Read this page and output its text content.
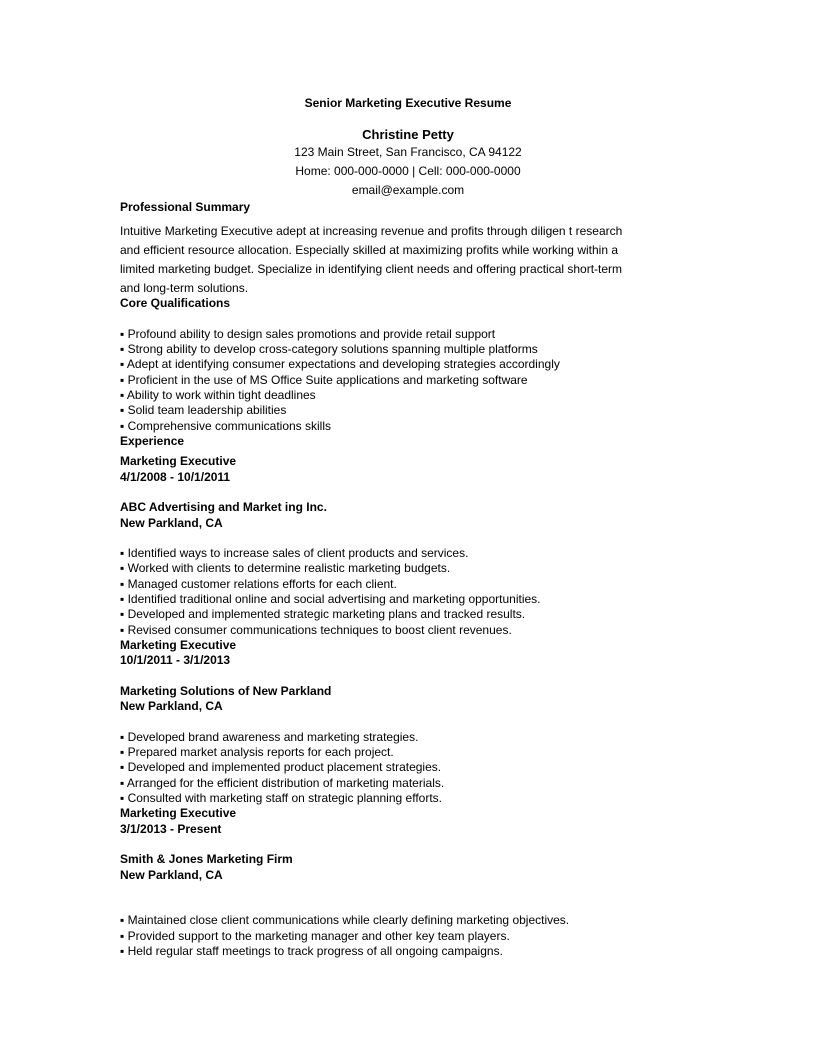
Senior Marketing Executive Resume
Christine Petty
123 Main Street, San Francisco, CA 94122
Home: 000-000-0000 | Cell: 000-000-0000
email@example.com
Professional Summary
Intuitive Marketing Executive adept at increasing revenue and profits through diligen t research
and efficient resource allocation. Especially skilled at maximizing profits while working within a
limited marketing budget. Specialize in identifying client needs and offering practical short-term
and long-term solutions.
Core Qualifications
▪ Profound ability to design sales promotions and provide retail support
▪ Strong ability to develop cross-category solutions spanning multiple platforms
▪ Adept at identifying consumer expectations and developing strategies accordingly
▪ Proficient in the use of MS Office Suite applications and marketing software
▪ Ability to work within tight deadlines
▪ Solid team leadership abilities
▪ Comprehensive communications skills
Experience
Marketing Executive
4/1/2008 - 10/1/2011
ABC Advertising and Market ing Inc.
New Parkland, CA
▪ Identified ways to increase sales of client products and services.
▪ Worked with clients to determine realistic marketing budgets.
▪ Managed customer relations efforts for each client.
▪ Identified traditional online and social advertising and marketing opportunities.
▪ Developed and implemented strategic marketing plans and tracked results.
▪ Revised consumer communications techniques to boost client revenues.
Marketing Executive
10/1/2011 - 3/1/2013
Marketing Solutions of New Parkland
New Parkland, CA
▪ Developed brand awareness and marketing strategies.
▪ Prepared market analysis reports for each project.
▪ Developed and implemented product placement strategies.
▪ Arranged for the efficient distribution of marketing materials.
▪ Consulted with marketing staff on strategic planning efforts.
Marketing Executive
3/1/2013 - Present
Smith & Jones Marketing Firm
New Parkland, CA
▪ Maintained close client communications while clearly defining marketing objectives.
▪ Provided support to the marketing manager and other key team players.
▪ Held regular staff meetings to track progress of all ongoing campaigns.
